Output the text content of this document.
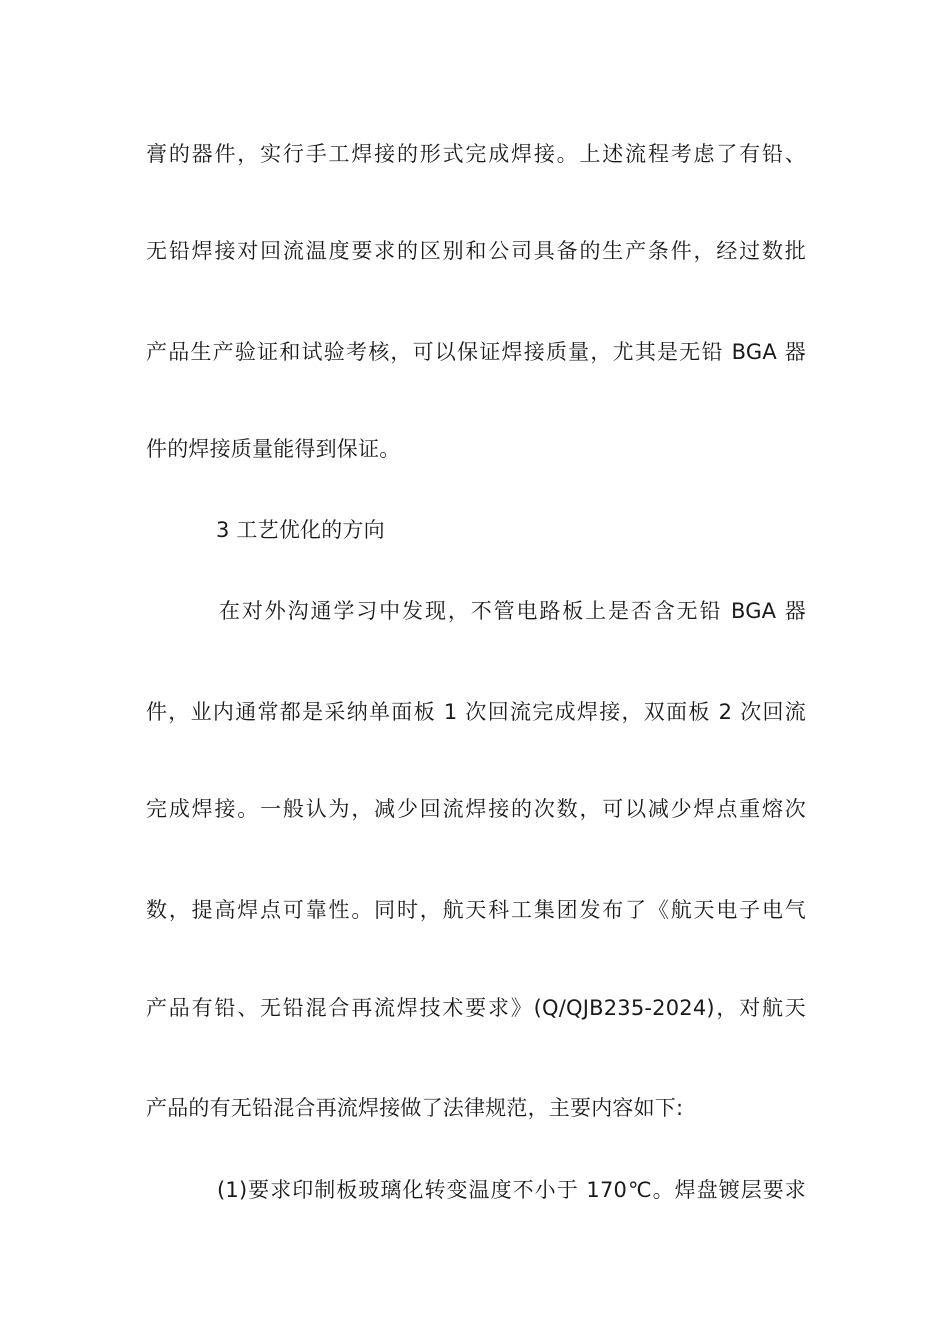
膏的器件，实行手工焊接的形式完成焊接。上述流程考虑了有铅、
无铅焊接对回流温度要求的区别和公司具备的生产条件，经过数批
产品生产验证和试验考核，可以保证焊接质量，尤其是无铅 BGA 器
件的焊接质量能得到保证。
3 工艺优化的方向
在对外沟通学习中发现，不管电路板上是否含无铅 BGA 器
件，业内通常都是采纳单面板 1 次回流完成焊接，双面板 2 次回流
完成焊接。一般认为，减少回流焊接的次数，可以减少焊点重熔次
数，提高焊点可靠性。同时，航天科工集团发布了《航天电子电气
产品有铅、无铅混合再流焊技术要求》(Q/QJB235-2024)，对航天
产品的有无铅混合再流焊接做了法律规范，主要内容如下:
(1)要求印制板玻璃化转变温度不小于 170℃。焊盘镀层要求
